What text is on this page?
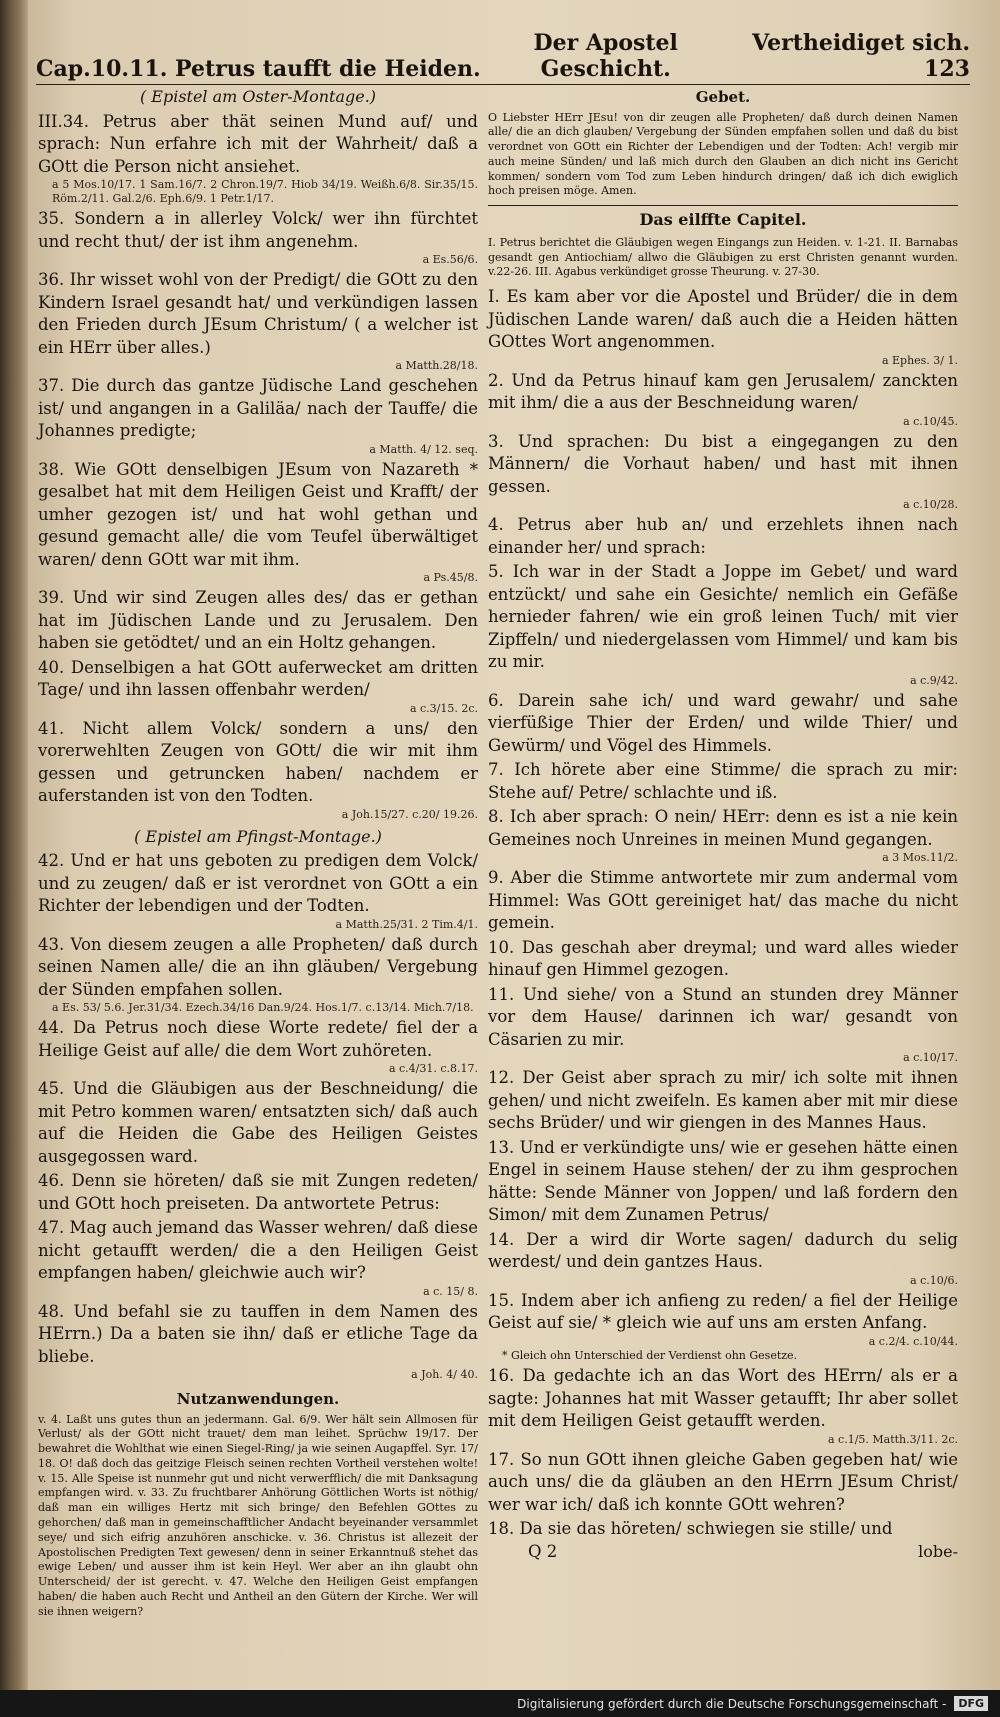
Cap.10.11. Petrus taufft die Heiden.
Der Apostel Geschicht.
Vertheidiget sich. 123

( Epistel am Oster-Montage.)

III.34. Petrus aber thät seinen Mund auf/ und sprach: Nun erfahre ich mit der Wahrheit/ daß a GOtt die Person nicht ansiehet.

a 5 Mos.10/17. 1 Sam.16/7. 2 Chron.19/7. Hiob 34/19. Weißh.6/8. Sir.35/15. Röm.2/11. Gal.2/6. Eph.6/9. 1 Petr.1/17.

35. Sondern a in allerley Volck/ wer ihn fürchtet und recht thut/ der ist ihm angenehm.

a Es.56/6.

36. Ihr wisset wohl von der Predigt/ die GOtt zu den Kindern Israel gesandt hat/ und verkündigen lassen den Frieden durch JEsum Christum/ ( a welcher ist ein HErr über alles.)

a Matth.28/18.

37. Die durch das gantze Jüdische Land geschehen ist/ und angangen in a Galiläa/ nach der Tauffe/ die Johannes predigte;

a Matth. 4/ 12. seq.

38. Wie GOtt denselbigen JEsum von Nazareth * gesalbet hat mit dem Heiligen Geist und Krafft/ der umher gezogen ist/ und hat wohl gethan und gesund gemacht alle/ die vom Teufel überwältiget waren/ denn GOtt war mit ihm.

a Ps.45/8.

39. Und wir sind Zeugen alles des/ das er gethan hat im Jüdischen Lande und zu Jerusalem. Den haben sie getödtet/ und an ein Holtz gehangen.

40. Denselbigen a hat GOtt auferwecket am dritten Tage/ und ihn lassen offenbahr werden/

a c.3/15. 2c.

41. Nicht allem Volck/ sondern a uns/ den vorerwehlten Zeugen von GOtt/ die wir mit ihm gessen und getruncken haben/ nachdem er auferstanden ist von den Todten.

a Joh.15/27. c.20/ 19.26.

( Epistel am Pfingst-Montage.)

42. Und er hat uns geboten zu predigen dem Volck/ und zu zeugen/ daß er ist verordnet von GOtt a ein Richter der lebendigen und der Todten.

a Matth.25/31. 2 Tim.4/1.

43. Von diesem zeugen a alle Propheten/ daß durch seinen Namen alle/ die an ihn gläuben/ Vergebung der Sünden empfahen sollen.

a Es. 53/ 5.6. Jer.31/34. Ezech.34/16 Dan.9/24. Hos.1/7. c.13/14. Mich.7/18.

44. Da Petrus noch diese Worte redete/ fiel der a Heilige Geist auf alle/ die dem Wort zuhöreten.

a c.4/31. c.8.17.

45. Und die Gläubigen aus der Beschneidung/ die mit Petro kommen waren/ entsatzten sich/ daß auch auf die Heiden die Gabe des Heiligen Geistes ausgegossen ward.

46. Denn sie höreten/ daß sie mit Zungen redeten/ und GOtt hoch preiseten. Da antwortete Petrus:

47. Mag auch jemand das Wasser wehren/ daß diese nicht getaufft werden/ die a den Heiligen Geist empfangen haben/ gleichwie auch wir?

a c. 15/ 8.

48. Und befahl sie zu tauffen in dem Namen des HErrn.) Da a baten sie ihn/ daß er etliche Tage da bliebe.

a Joh. 4/ 40.

Nutzanwendungen.

v. 4. Laßt uns gutes thun an jedermann. Gal. 6/9. Wer hält sein Allmosen für Verlust/ als der GOtt nicht trauet/ dem man leihet. Sprüchw 19/17. Der bewahret die Wohlthat wie einen Siegel-Ring/ ja wie seinen Augapffel. Syr. 17/ 18. O! daß doch das geitzige Fleisch seinen rechten Vortheil verstehen wolte! v. 15. Alle Speise ist nunmehr gut und nicht verwerfflich/ die mit Danksagung empfangen wird. v. 33. Zu fruchtbarer Anhörung Göttlichen Worts ist nöthig/ daß man ein williges Hertz mit sich bringe/ den Befehlen GOttes zu gehorchen/ daß man in gemeinschafftlicher Andacht beyeinander versammlet seye/ und sich eifrig anzuhören anschicke. v. 36. Christus ist allezeit der Apostolischen Predigten Text gewesen/ denn in seiner Erkanntnuß stehet das ewige Leben/ und ausser ihm ist kein Heyl. Wer aber an ihn glaubt ohn Unterscheid/ der ist gerecht. v. 47. Welche den Heiligen Geist empfangen haben/ die haben auch Recht und Antheil an den Gütern der Kirche. Wer will sie ihnen weigern?

Gebet.

O Liebster HErr JEsu! von dir zeugen alle Propheten/ daß durch deinen Namen alle/ die an dich glauben/ Vergebung der Sünden empfahen sollen und daß du bist verordnet von GOtt ein Richter der Lebendigen und der Todten: Ach! vergib mir auch meine Sünden/ und laß mich durch den Glauben an dich nicht ins Gericht kommen/ sondern vom Tod zum Leben hindurch dringen/ daß ich dich ewiglich hoch preisen möge. Amen.

Das eilffte Capitel.

I. Petrus berichtet die Gläubigen wegen Eingangs zun Heiden. v. 1-21. II. Barnabas gesandt gen Antiochiam/ allwo die Gläubigen zu erst Christen genannt wurden. v.22-26. III. Agabus verkündiget grosse Theurung. v. 27-30.

I. Es kam aber vor die Apostel und Brüder/ die in dem Jüdischen Lande waren/ daß auch die a Heiden hätten GOttes Wort angenommen.

a Ephes. 3/ 1.

2. Und da Petrus hinauf kam gen Jerusalem/ zanckten mit ihm/ die a aus der Beschneidung waren/

a c.10/45.

3. Und sprachen: Du bist a eingegangen zu den Männern/ die Vorhaut haben/ und hast mit ihnen gessen.

a c.10/28.

4. Petrus aber hub an/ und erzehlets ihnen nach einander her/ und sprach:

5. Ich war in der Stadt a Joppe im Gebet/ und ward entzückt/ und sahe ein Gesichte/ nemlich ein Gefäße hernieder fahren/ wie ein groß leinen Tuch/ mit vier Zipffeln/ und niedergelassen vom Himmel/ und kam bis zu mir.

a c.9/42.

6. Darein sahe ich/ und ward gewahr/ und sahe vierfüßige Thier der Erden/ und wilde Thier/ und Gewürm/ und Vögel des Himmels.

7. Ich hörete aber eine Stimme/ die sprach zu mir: Stehe auf/ Petre/ schlachte und iß.

8. Ich aber sprach: O nein/ HErr: denn es ist a nie kein Gemeines noch Unreines in meinen Mund gegangen.

a 3 Mos.11/2.

9. Aber die Stimme antwortete mir zum andermal vom Himmel: Was GOtt gereiniget hat/ das mache du nicht gemein.

10. Das geschah aber dreymal; und ward alles wieder hinauf gen Himmel gezogen.

11. Und siehe/ von a Stund an stunden drey Männer vor dem Hause/ darinnen ich war/ gesandt von Cäsarien zu mir.

a c.10/17.

12. Der Geist aber sprach zu mir/ ich solte mit ihnen gehen/ und nicht zweifeln. Es kamen aber mit mir diese sechs Brüder/ und wir giengen in des Mannes Haus.

13. Und er verkündigte uns/ wie er gesehen hätte einen Engel in seinem Hause stehen/ der zu ihm gesprochen hätte: Sende Männer von Joppen/ und laß fordern den Simon/ mit dem Zunamen Petrus/

14. Der a wird dir Worte sagen/ dadurch du selig werdest/ und dein gantzes Haus.

a c.10/6.

15. Indem aber ich anfieng zu reden/ a fiel der Heilige Geist auf sie/ * gleich wie auf uns am ersten Anfang.

a c.2/4. c.10/44.

* Gleich ohn Unterschied der Verdienst ohn Gesetze.

16. Da gedachte ich an das Wort des HErrn/ als er a sagte: Johannes hat mit Wasser getaufft; Ihr aber sollet mit dem Heiligen Geist getaufft werden.

a c.1/5. Matth.3/11. 2c.

17. So nun GOtt ihnen gleiche Gaben gegeben hat/ wie auch uns/ die da gläuben an den HErrn JEsum Christ/ wer war ich/ daß ich konnte GOtt wehren?

18. Da sie das höreten/ schwiegen sie stille/ und

Q 2	lobe-
Digitalisierung gefördert durch die Deutsche Forschungsgemeinschaft -	DFG
